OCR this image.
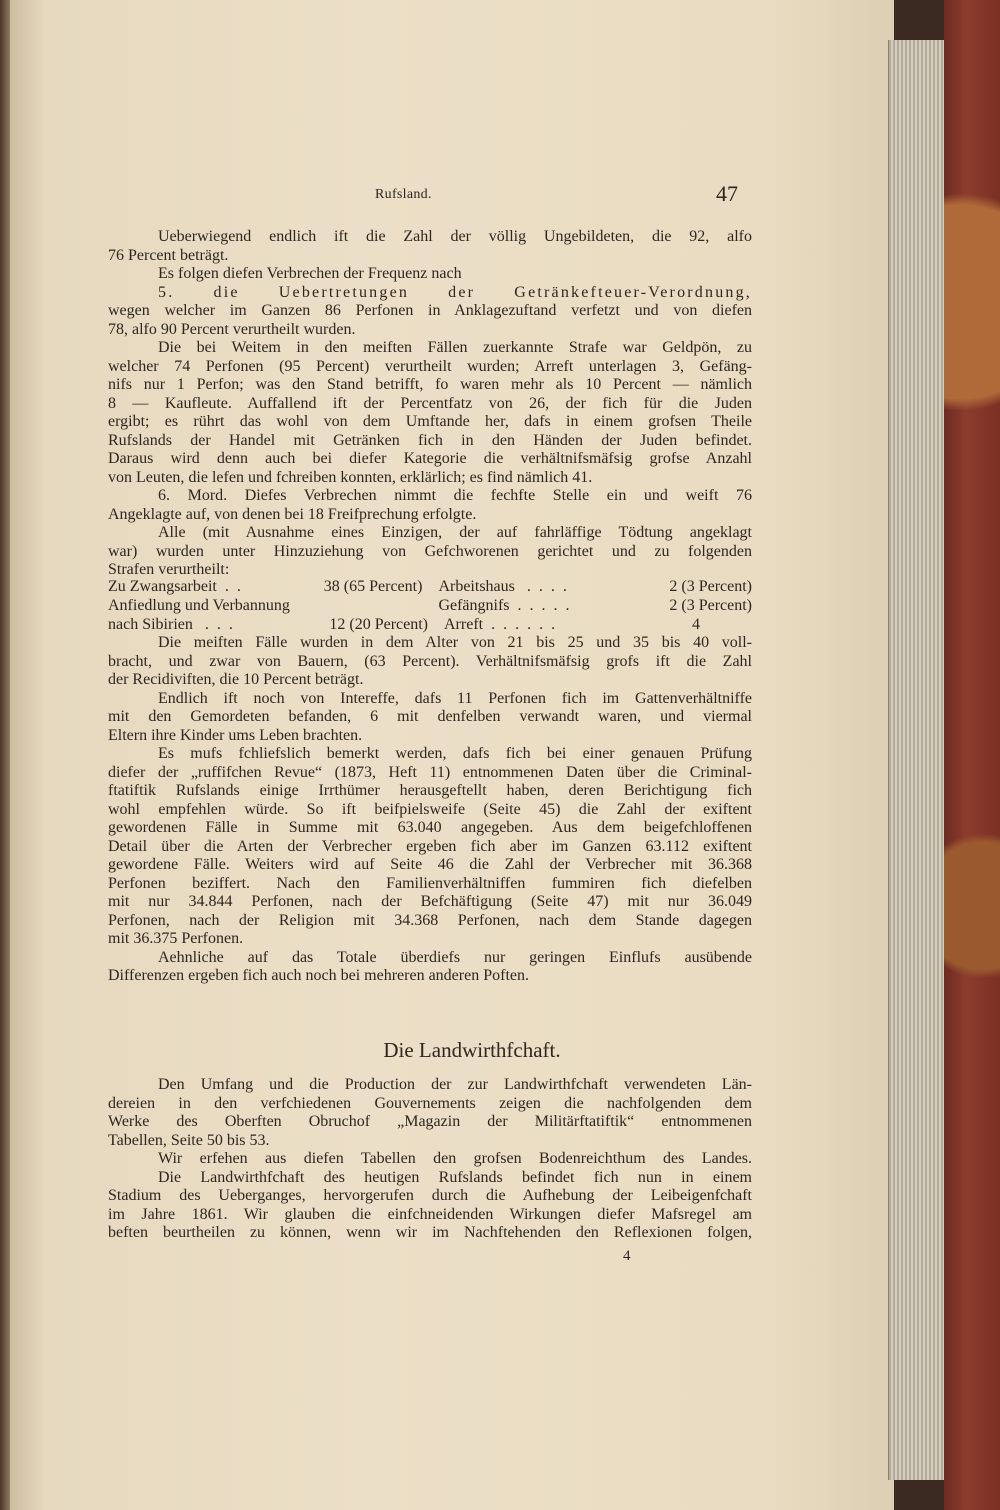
Rufsland.	47
Ueberwiegend endlich ift die Zahl der völlig Ungebildeten, die 92, alfo
76 Percent beträgt.
Es folgen diefen Verbrechen der Frequenz nach
5. die Uebertretungen der Getränkefteuer-Verordnung,
wegen welcher im Ganzen 86 Perfonen in Anklagezuftand verfetzt und von diefen
78, alfo 90 Percent verurtheilt wurden.
Die bei Weitem in den meiften Fällen zuerkannte Strafe war Geldpön, zu
welcher 74 Perfonen (95 Percent) verurtheilt wurden; Arreft unterlagen 3, Gefäng-
nifs nur 1 Perfon; was den Stand betrifft, fo waren mehr als 10 Percent — nämlich
8 — Kaufleute. Auffallend ift der Percentfatz von 26, der fich für die Juden
ergibt; es rührt das wohl von dem Umftande her, dafs in einem grofsen Theile
Rufslands der Handel mit Getränken fich in den Händen der Juden befindet.
Daraus wird denn auch bei diefer Kategorie die verhältnifsmäfsig grofse Anzahl
von Leuten, die lefen und fchreiben konnten, erklärlich; es find nämlich 41.
6. Mord. Diefes Verbrechen nimmt die fechfte Stelle ein und weift 76
Angeklagte auf, von denen bei 18 Freifprechung erfolgte.
Alle (mit Ausnahme eines Einzigen, der auf fahrläffige Tödtung angeklagt
war) wurden unter Hinzuziehung von Gefchworenen gerichtet und zu folgenden
Strafen verurtheilt:
Zu Zwangsarbeit  .  .	38 (65 Percent)	Arbeitshaus   .  .  .  .	2 (3 Percent)
Anfiedlung und Verbannung	Gefängnifs  .  .  .  .  .	2 (3 Percent)
nach Sibirien   .  .  .	12 (20 Percent)	Arreft  .  .  .  .  .  .	4
Die meiften Fälle wurden in dem Alter von 21 bis 25 und 35 bis 40 voll-
bracht, und zwar von Bauern, (63 Percent). Verhältnifsmäfsig grofs ift die Zahl
der Recidiviften, die 10 Percent beträgt.
Endlich ift noch von Intereffe, dafs 11 Perfonen fich im Gattenverhältniffe
mit den Gemordeten befanden, 6 mit denfelben verwandt waren, und viermal
Eltern ihre Kinder ums Leben brachten.
Es mufs fchliefslich bemerkt werden, dafs fich bei einer genauen Prüfung
diefer der „ruffifchen Revue“ (1873, Heft 11) entnommenen Daten über die Criminal-
ftatiftik Rufslands einige Irrthümer herausgeftellt haben, deren Berichtigung fich
wohl empfehlen würde. So ift beifpielsweife (Seite 45) die Zahl der exiftent
gewordenen Fälle in Summe mit 63.040 angegeben. Aus dem beigefchloffenen
Detail über die Arten der Verbrecher ergeben fich aber im Ganzen 63.112 exiftent
gewordene Fälle. Weiters wird auf Seite 46 die Zahl der Verbrecher mit 36.368
Perfonen beziffert. Nach den Familienverhältniffen fummiren fich diefelben
mit nur 34.844 Perfonen, nach der Befchäftigung (Seite 47) mit nur 36.049
Perfonen, nach der Religion mit 34.368 Perfonen, nach dem Stande dagegen
mit 36.375 Perfonen.
Aehnliche auf das Totale überdiefs nur geringen Einflufs ausübende
Differenzen ergeben fich auch noch bei mehreren anderen Poften.
Die Landwirthfchaft.
Den Umfang und die Production der zur Landwirthfchaft verwendeten Län-
dereien in den verfchiedenen Gouvernements zeigen die nachfolgenden dem
Werke des Oberften Obruchof „Magazin der Militärftatiftik“ entnommenen
Tabellen, Seite 50 bis 53.
Wir erfehen aus diefen Tabellen den grofsen Bodenreichthum des Landes.
Die Landwirthfchaft des heutigen Rufslands befindet fich nun in einem
Stadium des Ueberganges, hervorgerufen durch die Aufhebung der Leibeigenfchaft
im Jahre 1861. Wir glauben die einfchneidenden Wirkungen diefer Mafsregel am
beften beurtheilen zu können, wenn wir im Nachftehenden den Reflexionen folgen,
4
